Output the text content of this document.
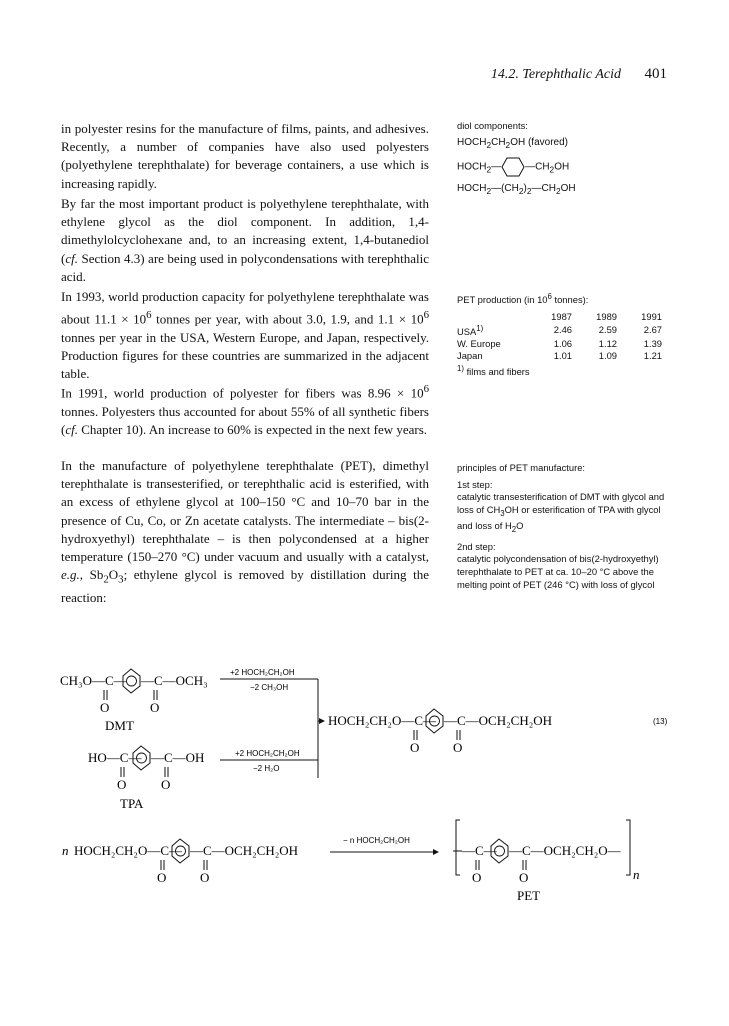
14.2. Terephthalic Acid 401

in polyester resins for the manufacture of films, paints, and adhesives. Recently, a number of companies have also used polyesters (polyethylene terephthalate) for beverage containers, a use which is increasing rapidly.

By far the most important product is polyethylene terephthalate, with ethylene glycol as the diol component. In addition, 1,4-dimethylolcyclohexane and, to an increasing extent, 1,4-butanediol (cf. Section 4.3) are being used in polycondensations with terephthalic acid.

In 1993, world production capacity for polyethylene terephthalate was about $11.1 \times 10^6$ tonnes per year, with about 3.0, 1.9, and $1.1 \times 10^6$ tonnes per year in the USA, Western Europe, and Japan, respectively. Production figures for these countries are summarized in the adjacent table.

In 1991, world production of polyester for fibers was $8.96 \times 10^6$ tonnes. Polyesters thus accounted for about 55% of all synthetic fibers (cf. Chapter 10). An increase to 60% is expected in the next few years.

In the manufacture of polyethylene terephthalate (PET), dimethyl terephthalate is transesterified, or terephthalic acid is esterified, with an excess of ethylene glycol at 100–150 °C and 10–70 bar in the presence of Cu, Co, or Zn acetate catalysts. The intermediate – bis(2-hydroxyethyl) terephthalate – is then polycondensed at a higher temperature (150–270 °C) under vacuum and usually with a catalyst, e.g., $Sb_2O_3$; ethylene glycol is removed by distillation during the reaction:

diol components:
$HOCH_2CH_2OH$ (favored)
$HOCH_2—$ $—CH_2OH$
$HOCH_2—(CH_2)_2—CH_2OH$
PET production (in $10^6$ tonnes):
	1987	1989	1991
USA$^{1)}$	2.46	2.59	2.67
W. Europe	1.06	1.12	1.39
Japan	1.01	1.09	1.21
$^{1)}$ films and fibers
principles of PET manufacture:
1st step:
catalytic transesterification of DMT with glycol and loss of $CH_3OH$ or esterification of TPA with glycol and loss of $H_2O$
2nd step:
catalytic polycondensation of bis(2-hydroxyethyl) terephthalate to PET at ca. 10–20 °C above the melting point of PET (246 °C) with loss of glycol
CH₃O—C— —C—OCH₃
O	O
DMT
+2 HOCH₂CH₂OH
−2 CH₃OH
HO—C— —C—OH
O	O
TPA
+2 HOCH₂CH₂OH
−2 H₂O
HOCH₂CH₂O—C— —C—OCH₂CH₂OH
O	O
(13)
n HOCH₂CH₂O—C— —C—OCH₂CH₂OH
O	O
− n HOCH₂CH₂OH
—C— —C—OCH₂CH₂O—
O	O	n
PET
